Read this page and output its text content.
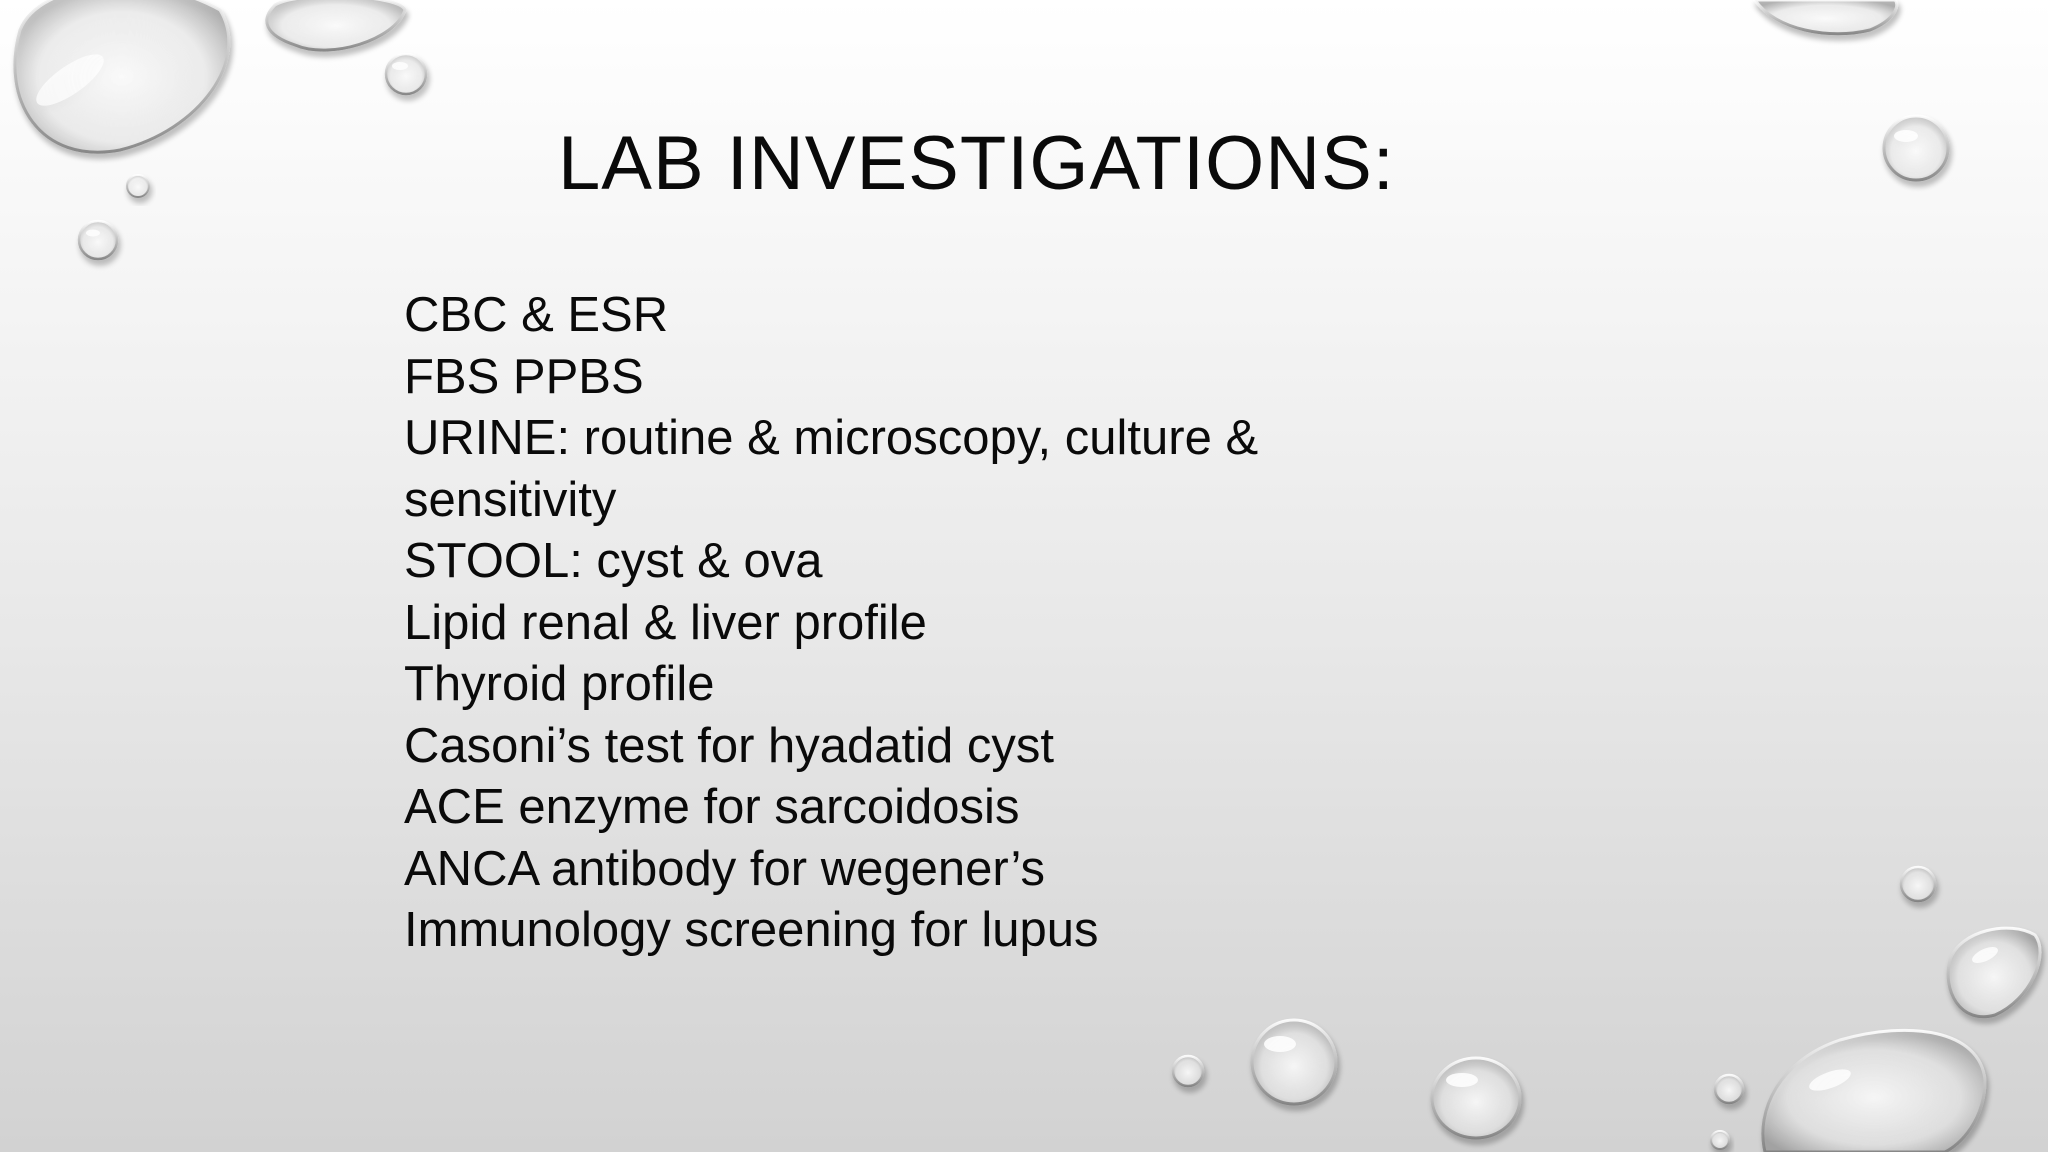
LAB INVESTIGATIONS:
CBC & ESR
FBS PPBS
URINE: routine & microscopy, culture &
sensitivity
STOOL: cyst & ova
Lipid renal & liver profile
Thyroid profile
Casoni’s test for hyadatid cyst
ACE enzyme for sarcoidosis
ANCA antibody for wegener’s
Immunology screening for lupus
